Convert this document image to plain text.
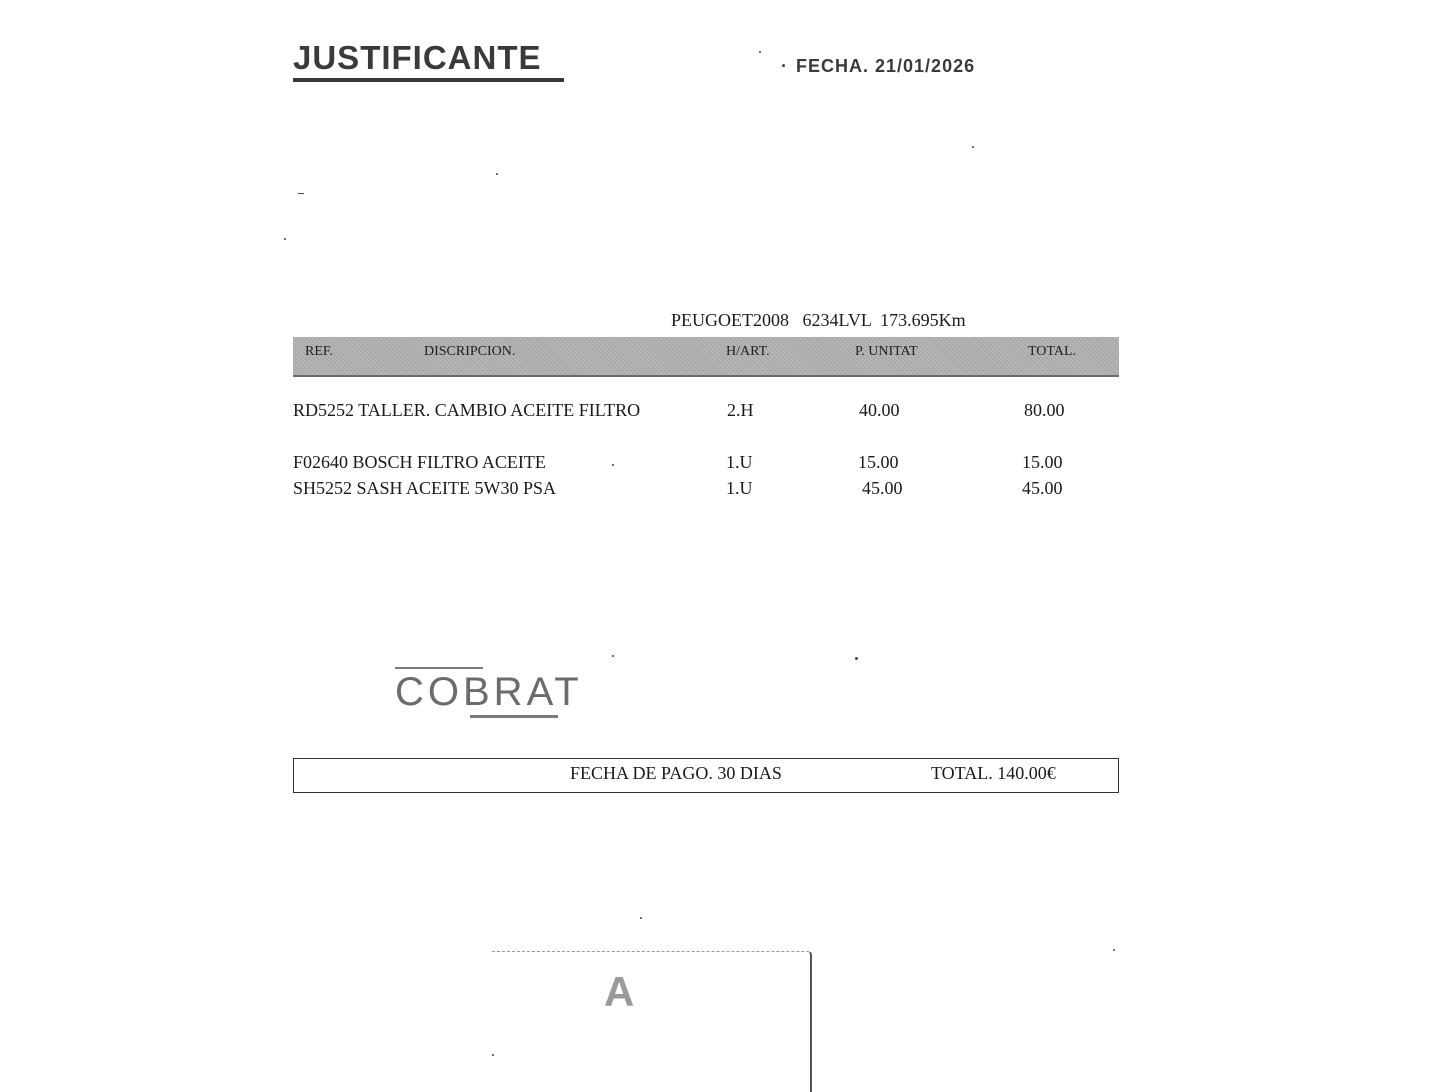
JUSTIFICANTE	· FECHA. 21/01/2026
PEUGOET2008 6234LVL 173.695Km
REF.	DISCRIPCION.	H/ART.	P. UNITAT	TOTAL.
RD5252 TALLER. CAMBIO ACEITE FILTRO	2.H	40.00	80.00
F02640 BOSCH FILTRO ACEITE	1.U	15.00	15.00
SH5252 SASH ACEITE 5W30 PSA	1.U	45.00	45.00
COBRAT
FECHA DE PAGO. 30 DIAS	TOTAL. 140.00€
A
